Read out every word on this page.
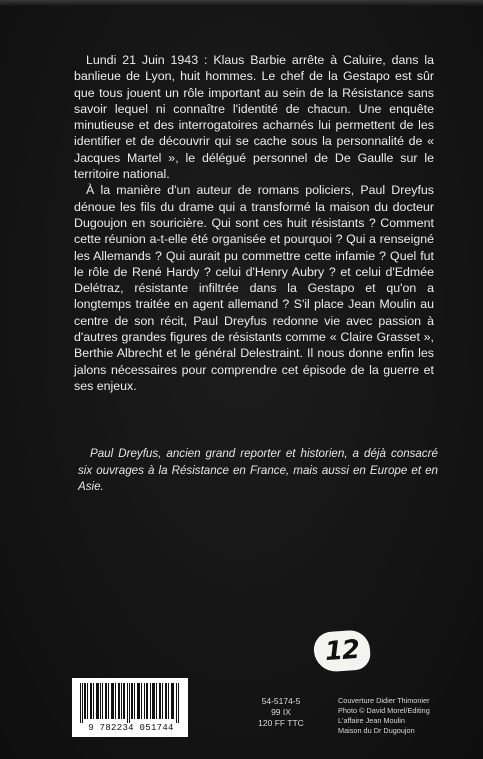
Lundi 21 Juin 1943 : Klaus Barbie arrête à Caluire, dans la banlieue de Lyon, huit hommes. Le chef de la Gestapo est sûr que tous jouent un rôle important au sein de la Résistance sans savoir lequel ni connaître l'identité de chacun. Une enquête minutieuse et des interrogatoires acharnés lui permettent de les identifier et de découvrir qui se cache sous la personnalité de « Jacques Martel », le délégué personnel de De Gaulle sur le territoire national.

À la manière d'un auteur de romans policiers, Paul Dreyfus dénoue les fils du drame qui a transformé la maison du docteur Dugoujon en souricière. Qui sont ces huit résistants ? Comment cette réunion a-t-elle été organisée et pourquoi ? Qui a renseigné les Allemands ? Qui aurait pu commettre cette infamie ? Quel fut le rôle de René Hardy ? celui d'Henry Aubry ? et celui d'Edmée Delétraz, résistante infiltrée dans la Gestapo et qu'on a longtemps traitée en agent allemand ? S'il place Jean Moulin au centre de son récit, Paul Dreyfus redonne vie avec passion à d'autres grandes figures de résistants comme « Claire Grasset », Berthie Albrecht et le général Delestraint. Il nous donne enfin les jalons nécessaires pour comprendre cet épisode de la guerre et ses enjeux.

Paul Dreyfus, ancien grand reporter et historien, a déjà consacré six ouvrages à la Résistance en France, mais aussi en Europe et en Asie.
12
9 782234 051744
54-5174-5
99 IX
120 FF TTC
Couverture Didier Thimonier
Photo © David Morel/Editing
L'affaire Jean Moulin
Maison du Dr Dugoujon
